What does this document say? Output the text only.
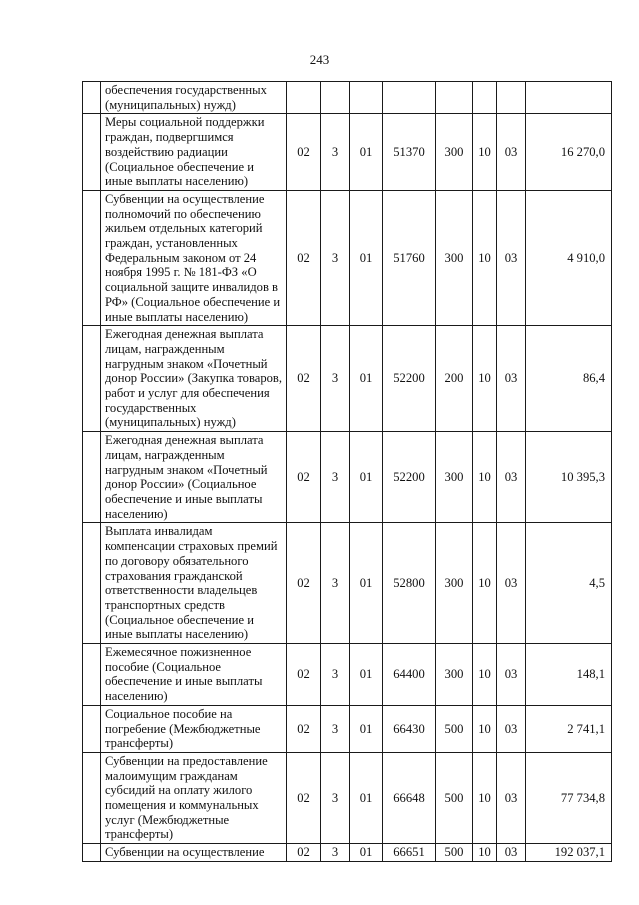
243
	обеспечения государственных (муниципальных) нужд)								
	Меры социальной поддержки граждан, подвергшимся воздействию радиации (Социальное обеспечение и иные выплаты населению)	02	3	01	51370	300	10	03	16 270,0
	Субвенции на осуществление полномочий по обеспечению жильем отдельных категорий граждан, установленных Федеральным законом от 24 ноября 1995 г. № 181-ФЗ «О социальной защите инвалидов в РФ» (Социальное обеспечение и иные выплаты населению)	02	3	01	51760	300	10	03	4 910,0
	Ежегодная денежная выплата лицам, награжденным нагрудным знаком «Почетный донор России» (Закупка товаров, работ и услуг для обеспечения государственных (муниципальных) нужд)	02	3	01	52200	200	10	03	86,4
	Ежегодная денежная выплата лицам, награжденным нагрудным знаком «Почетный донор России» (Социальное обеспечение и иные выплаты населению)	02	3	01	52200	300	10	03	10 395,3
	Выплата инвалидам компенсации страховых премий по договору обязательного страхования гражданской ответственности владельцев транспортных средств (Социальное обеспечение и иные выплаты населению)	02	3	01	52800	300	10	03	4,5
	Ежемесячное пожизненное пособие (Социальное обеспечение и иные выплаты населению)	02	3	01	64400	300	10	03	148,1
	Социальное пособие на погребение (Межбюджетные трансферты)	02	3	01	66430	500	10	03	2 741,1
	Субвенции на предоставление малоимущим гражданам субсидий на оплату жилого помещения и коммунальных услуг (Межбюджетные трансферты)	02	3	01	66648	500	10	03	77 734,8
	Субвенции на осуществление	02	3	01	66651	500	10	03	192 037,1
